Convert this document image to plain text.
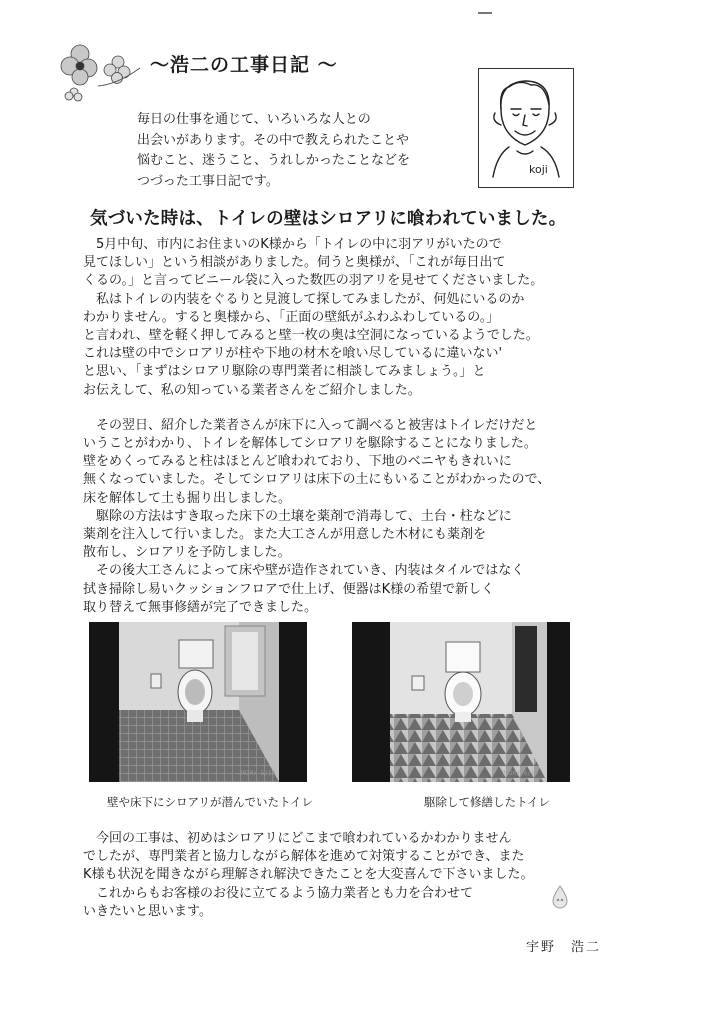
～浩二の工事日記 ～
毎日の仕事を通じて、いろいろな人との
出会いがあります。その中で教えられたことや
悩むこと、迷うこと、うれしかったことなどを
つづった工事日記です。
koji
気づいた時は、トイレの壁はシロアリに喰われていました。
　5月中旬、市内にお住まいのK様から「トイレの中に羽アリがいたので
見てほしい」という相談がありました。伺うと奥様が、「これが毎日出て
くるの。」と言ってビニール袋に入った数匹の羽アリを見せてくださいました。
　私はトイレの内装をぐるりと見渡して探してみましたが、何処にいるのか
わかりません。すると奥様から、「正面の壁紙がふわふわしているの。」
と言われ、壁を軽く押してみると壁一枚の奥は空洞になっているようでした。
これは壁の中でシロアリが柱や下地の材木を喰い尽しているに違いない'
と思い、「まずはシロアリ駆除の専門業者に相談してみましょう。」と
お伝えして、私の知っている業者さんをご紹介しました。
　その翌日、紹介した業者さんが床下に入って調べると被害はトイレだけだと
いうことがわかり、トイレを解体してシロアリを駆除することになりました。
壁をめくってみると柱はほとんど喰われており、下地のベニヤもきれいに
無くなっていました。そしてシロアリは床下の土にもいることがわかったので、
床を解体して土も掘り出しました。
　駆除の方法はすき取った床下の土壌を薬剤で消毒して、土台・柱などに
薬剤を注入して行いました。また大工さんが用意した木材にも薬剤を
散布し、シロアリを予防しました。
　その後大工さんによって床や壁が造作されていき、内装はタイルではなく
拭き掃除し易いクッションフロアで仕上げ、便器はK様の希望で新しく
取り替えて無事修繕が完了できました。
2020/ 5/19	2020/ 6/16
壁や床下にシロアリが潜んでいたトイレ	駆除して修繕したトイレ
　今回の工事は、初めはシロアリにどこまで喰われているかわかりません
でしたが、専門業者と協力しながら解体を進めて対策することができ、また
K様も状況を聞きながら理解され解決できたことを大変喜んで下さいました。
　これからもお客様のお役に立てるよう協力業者とも力を合わせて
いきたいと思います。
宇野　浩二
